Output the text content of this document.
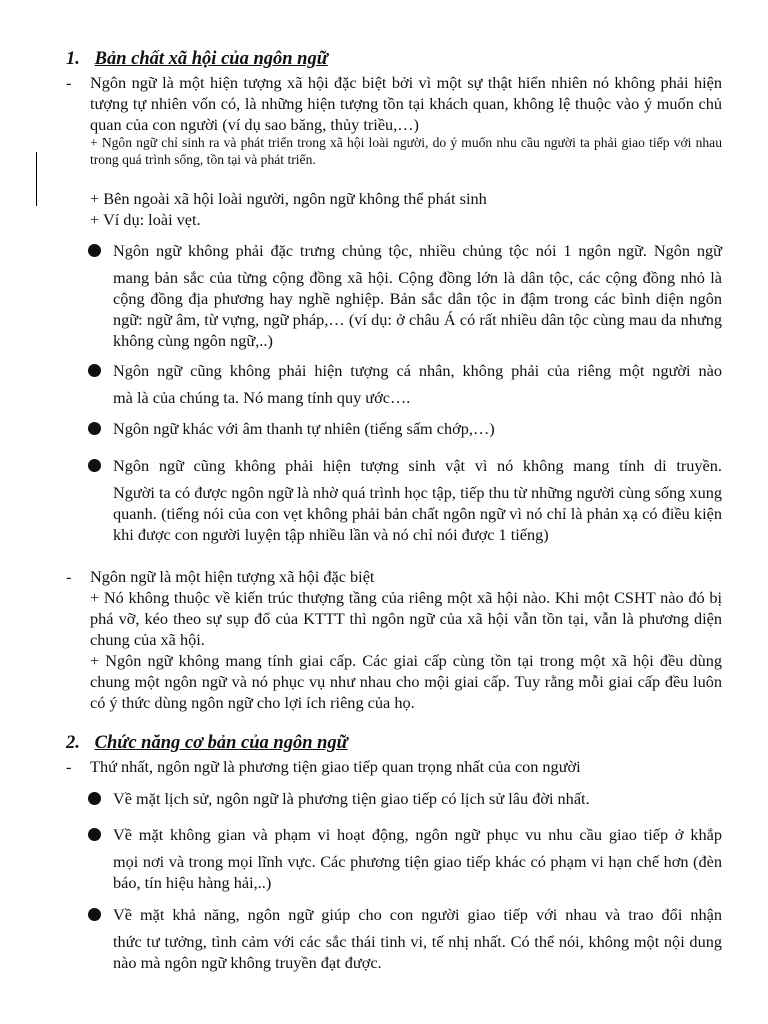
1. Bản chất xã hội của ngôn ngữ
- Ngôn ngữ là một hiện tượng xã hội đặc biệt bởi vì một sự thật hiển nhiên nó không phải hiện tượng tự nhiên vốn có, là những hiện tượng tồn tại khách quan, không lệ thuộc vào ý muốn chủ quan của con người (ví dụ sao băng, thủy triều,…)
+ Ngôn ngữ chỉ sinh ra và phát triển trong xã hội loài người, do ý muốn nhu cầu người ta phải giao tiếp với nhau trong quá trình sống, tồn tại và phát triển.
+ Bên ngoài xã hội loài người, ngôn ngữ không thể phát sinh
+ Ví dụ: loài vẹt.
Ngôn ngữ không phải đặc trưng chủng tộc, nhiều chủng tộc nói 1 ngôn ngữ. Ngôn ngữ
mang bản sắc của từng cộng đồng xã hội. Cộng đồng lớn là dân tộc, các cộng đồng nhỏ là cộng đồng địa phương hay nghề nghiệp. Bản sắc dân tộc in đậm trong các bình diện ngôn ngữ: ngữ âm, từ vựng, ngữ pháp,… (ví dụ: ở châu Á có rất nhiều dân tộc cùng mau da nhưng không cùng ngôn ngữ,..)
Ngôn ngữ cũng không phải hiện tượng cá nhân, không phải của riêng một người nào
mà là của chúng ta. Nó mang tính quy ước….
Ngôn ngữ khác với âm thanh tự nhiên (tiếng sấm chớp,…)
Ngôn ngữ cũng không phải hiện tượng sinh vật vì nó không mang tính di truyền.
Người ta có được ngôn ngữ là nhờ quá trình học tập, tiếp thu từ những người cùng sống xung quanh. (tiếng nói của con vẹt không phải bản chất ngôn ngữ vì nó chỉ là phản xạ có điều kiện khi được con người luyện tập nhiều lần và nó chỉ nói được 1 tiếng)
- Ngôn ngữ là một hiện tượng xã hội đặc biệt
+ Nó không thuộc về kiến trúc thượng tầng của riêng một xã hội nào. Khi một CSHT nào đó bị phá vỡ, kéo theo sự sụp đổ của KTTT thì ngôn ngữ của xã hội vẫn tồn tại, vẫn là phương diện chung của xã hội.
+ Ngôn ngữ không mang tính giai cấp. Các giai cấp cùng tồn tại trong một xã hội đều dùng chung một ngôn ngữ và nó phục vụ như nhau cho mội giai cấp. Tuy rằng mỗi giai cấp đều luôn có ý thức dùng ngôn ngữ cho lợi ích riêng của họ.
2. Chức năng cơ bản của ngôn ngữ
- Thứ nhất, ngôn ngữ là phương tiện giao tiếp quan trọng nhất của con người
Về mặt lịch sử, ngôn ngữ là phương tiện giao tiếp có lịch sử lâu đời nhất.
Về mặt không gian và phạm vi hoạt động, ngôn ngữ phục vu nhu cầu giao tiếp ở khắp
mọi nơi và trong mọi lĩnh vực. Các phương tiện giao tiếp khác có phạm vi hạn chế hơn (đèn báo, tín hiệu hàng hải,..)
Về mặt khả năng, ngôn ngữ giúp cho con người giao tiếp với nhau và trao đổi nhận
thức tư tưởng, tình cảm với các sắc thái tinh vi, tế nhị nhất. Có thể nói, không một nội dung nào mà ngôn ngữ không truyền đạt được.
